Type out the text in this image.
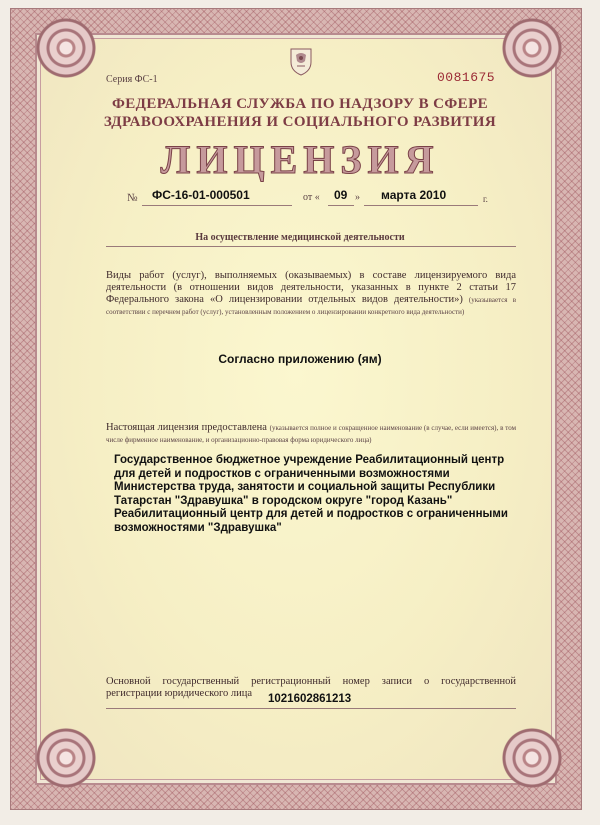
Серия ФС-1	0081675
ФЕДЕРАЛЬНАЯ СЛУЖБА ПО НАДЗОРУ В СФЕРЕ
ЗДРАВООХРАНЕНИЯ И СОЦИАЛЬНОГО РАЗВИТИЯ
ЛИЦЕНЗИЯ
№ ФС-16-01-000501	от « 09 » марта 2010	г.
На осуществление медицинской деятельности
Виды работ (услуг), выполняемых (оказываемых) в составе лицензируемого вида деятельности (в отношении видов деятельности, указанных в пункте 2 статьи 17 Федерального закона «О лицензировании отдельных видов деятельности») (указывается в соответствии с перечнем работ (услуг), установленным положением о лицензировании конкретного вида деятельности)
Согласно приложению (ям)
Настоящая лицензия предоставлена (указывается полное и сокращенное наименование (в случае, если имеется), в том числе фирменное наименование, и организационно-правовая форма юридического лица)
Государственное бюджетное учреждение Реабилитационный центр
для детей и подростков с ограниченными возможностями
Министерства труда, занятости и социальной защиты Республики
Татарстан "Здравушка" в городском округе "город Казань"
Реабилитационный центр для детей и подростков с ограниченными
возможностями "Здравушка"
Основной государственный регистрационный номер записи о государственной регистрации юридического лица	1021602861213
